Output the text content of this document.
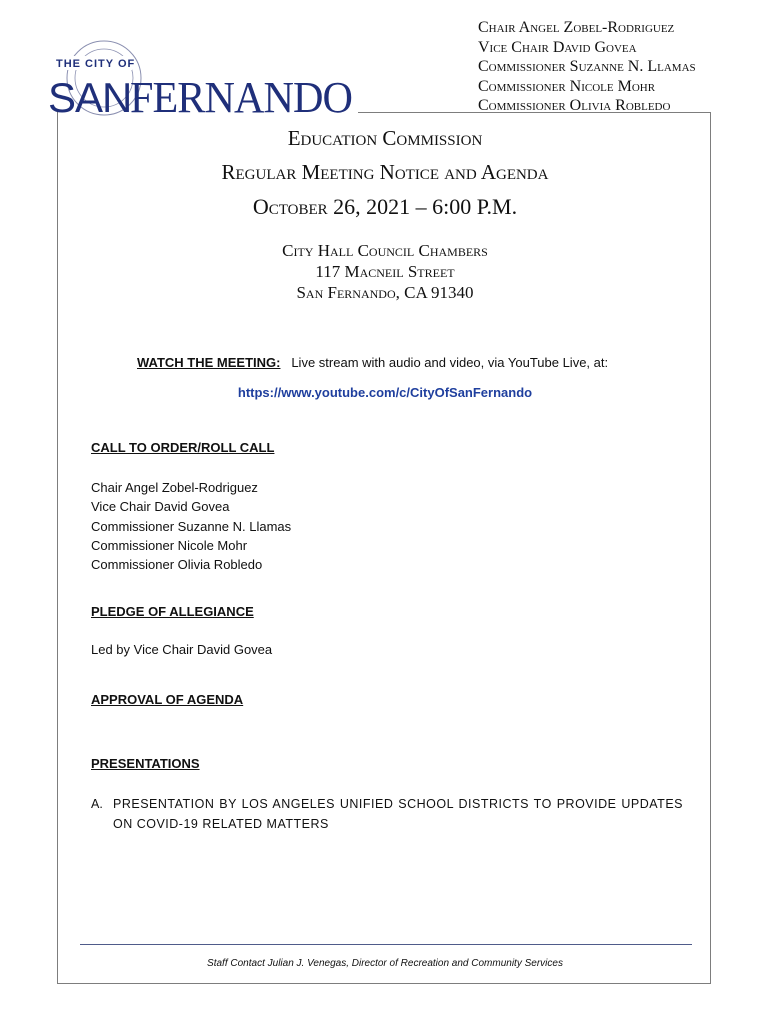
THE CITY OF
SAN
FERNANDO
Chair Angel Zobel-Rodriguez
Vice Chair David Govea
Commissioner Suzanne N. Llamas
Commissioner Nicole Mohr
Commissioner Olivia Robledo
Education Commission
Regular Meeting Notice and Agenda
October 26, 2021 – 6:00 P.M.
City Hall Council Chambers
117 Macneil Street
San Fernando, CA 91340
WATCH THE MEETING: Live stream with audio and video, via YouTube Live, at:
https://www.youtube.com/c/CityOfSanFernando
CALL TO ORDER/ROLL CALL
Chair Angel Zobel-Rodriguez
Vice Chair David Govea
Commissioner Suzanne N. Llamas
Commissioner Nicole Mohr
Commissioner Olivia Robledo
PLEDGE OF ALLEGIANCE
Led by Vice Chair David Govea
APPROVAL OF AGENDA
PRESENTATIONS
A. PRESENTATION BY LOS ANGELES UNIFIED SCHOOL DISTRICTS TO PROVIDE UPDATES ON COVID-19 RELATED MATTERS
Staff Contact Julian J. Venegas, Director of Recreation and Community Services
